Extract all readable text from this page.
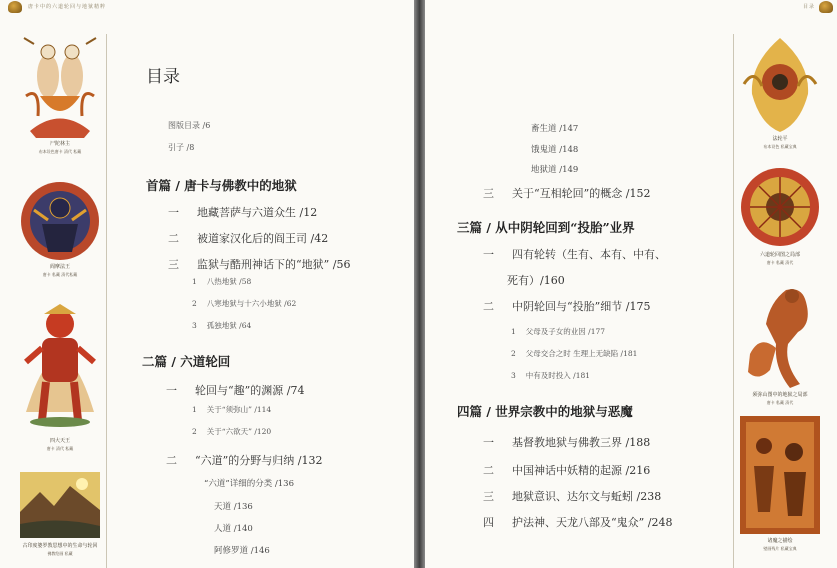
唐卡中的六道轮回与地狱精粹
尸陀林主
布本设色唐卡 清代 私藏
阎摩法王
唐卡 私藏 清代私藏
四大天王
唐卡 清代 私藏
古印度婆罗教思想中的生命与轮回
佛教绘画 私藏
目录
图版目录 /6
引子 /8
首篇 / 唐卡与佛教中的地狱
一 地藏菩萨与六道众生 /12
二 被道家汉化后的阎王司 /42
三 监狱与酷刑神话下的“地狱” /56
1 八热地狱 /58
2 八寒地狱与十六小地狱 /62
3 孤独地狱 /64
二篇 / 六道轮回
一 轮回与“趣”的渊源 /74
1 关于“须弥山” /114
2 关于“六欲天” /120
二 “六道”的分野与归纳 /132
“六道”详细的分类 /136
天道 /136
人道 /140
阿修罗道 /146
目录
法轮平
布本设色 私藏宝典
六道轮回图之局部
唐卡 私藏 清代
须弥山图中的地狱之局部
唐卡 私藏 清代
诸魔之描绘
壁画残片 私藏宝典
畜生道 /147
饿鬼道 /148
地狱道 /149
三 关于“互相轮回”的概念 /152
三篇 / 从中阴轮回到“投胎”业界
一 四有轮转（生有、本有、中有、
死有）/160
二 中阴轮回与“投胎”细节 /175
1 父母及子女的业因 /177
2 父母交合之时 生理上无缺陷 /181
3 中有及时投入 /181
四篇 / 世界宗教中的地狱与恶魔
一 基督教地狱与佛教三界 /188
二 中国神话中妖精的起源 /216
三 地狱意识、达尔文与蚯蚓 /238
四 护法神、天龙八部及“鬼众” /248
